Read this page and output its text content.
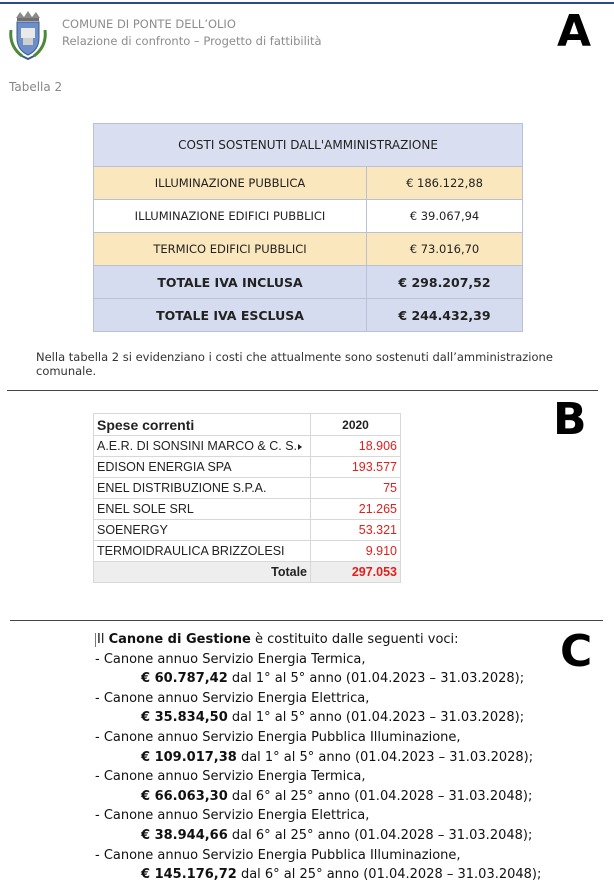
COMUNE DI PONTE DELL’OLIO
Relazione di confronto – Progetto di fattibilità	A
Tabella 2
COSTI SOSTENUTI DALL'AMMINISTRAZIONE	
ILLUMINAZIONE PUBBLICA	€ 186.122,88
ILLUMINAZIONE EDIFICI PUBBLICI	€ 39.067,94
TERMICO EDIFICI PUBBLICI	€ 73.016,70
TOTALE IVA INCLUSA	€ 298.207,52
TOTALE IVA ESCLUSA	€ 244.432,39
Nella tabella 2 si evidenziano i costi che attualmente sono sostenuti dall’amministrazione comunale.
B
Spese correnti	2020
A.E.R. DI SONSINI MARCO & C. S.	18.906
EDISON ENERGIA SPA	193.577
ENEL DISTRIBUZIONE S.P.A.	75
ENEL SOLE SRL	21.265
SOENERGY	53.321
TERMOIDRAULICA BRIZZOLESI	9.910
Totale	297.053
C
Il Canone di Gestione è costituito dalle seguenti voci:
- Canone annuo Servizio Energia Termica,
€ 60.787,42 dal 1° al 5° anno (01.04.2023 – 31.03.2028);
- Canone annuo Servizio Energia Elettrica,
€ 35.834,50 dal 1° al 5° anno (01.04.2023 – 31.03.2028);
- Canone annuo Servizio Energia Pubblica Illuminazione,
€ 109.017,38 dal 1° al 5° anno (01.04.2023 – 31.03.2028);
- Canone annuo Servizio Energia Termica,
€ 66.063,30 dal 6° al 25° anno (01.04.2028 – 31.03.2048);
- Canone annuo Servizio Energia Elettrica,
€ 38.944,66 dal 6° al 25° anno (01.04.2028 – 31.03.2048);
- Canone annuo Servizio Energia Pubblica Illuminazione,
€ 145.176,72 dal 6° al 25° anno (01.04.2028 – 31.03.2048);
